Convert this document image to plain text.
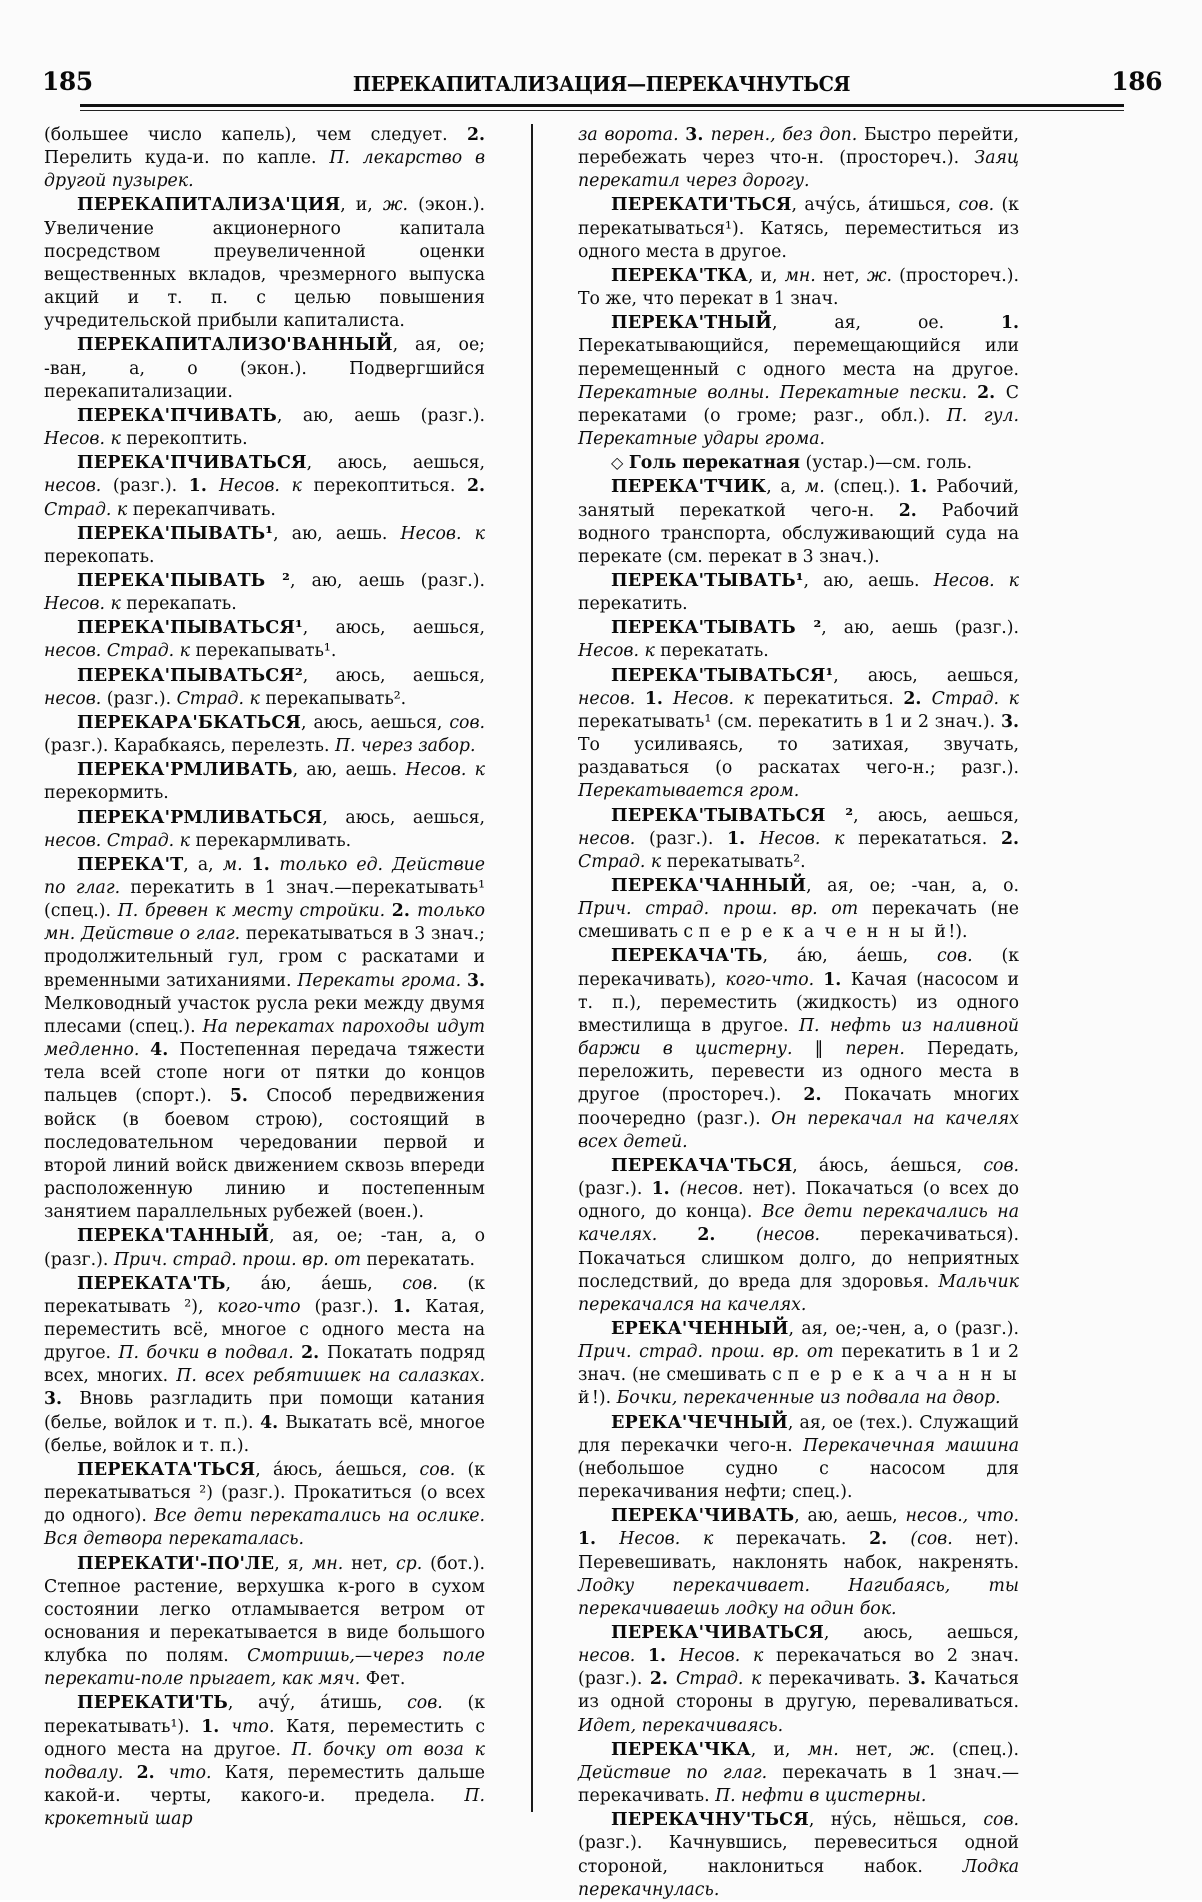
185	ПЕРЕКАПИТАЛИЗАЦИЯ—ПЕРЕКАЧНУТЬСЯ	186

(большее число капель), чем следует. 2. Перелить куда-и. по капле. П. лекарство в другой пузырек.

ПЕРЕКАПИТАЛИЗА'ЦИЯ, и, ж. (экон.). Увеличение акционерного капитала посредством преувеличенной оценки вещественных вкладов, чрезмерного выпуска акций и т. п. с целью повышения учредительской прибыли капиталиста.

ПЕРЕКАПИТАЛИЗО'ВАННЫЙ, ая, ое; -ван, а, о (экон.). Подвергшийся перекапитализации.

ПЕРЕКА'ПЧИВАТЬ, аю, аешь (разг.). Несов. к перекоптить.

ПЕРЕКА'ПЧИВАТЬСЯ, аюсь, аешься, несов. (разг.). 1. Несов. к перекоптиться. 2. Страд. к перекапчивать.

ПЕРЕКА'ПЫВАТЬ¹, аю, аешь. Несов. к перекопать.

ПЕРЕКА'ПЫВАТЬ ², аю, аешь (разг.). Несов. к перекапать.

ПЕРЕКА'ПЫВАТЬСЯ¹, аюсь, аешься, несов. Страд. к перекапывать¹.

ПЕРЕКА'ПЫВАТЬСЯ², аюсь, аешься, несов. (разг.). Страд. к перекапывать².

ПЕРЕКАРА'БКАТЬСЯ, аюсь, аешься, сов. (разг.). Карабкаясь, перелезть. П. через забор.

ПЕРЕКА'РМЛИВАТЬ, аю, аешь. Несов. к перекормить.

ПЕРЕКА'РМЛИВАТЬСЯ, аюсь, аешься, несов. Страд. к перекармливать.

ПЕРЕКА'Т, а, м. 1. только ед. Действие по глаг. перекатить в 1 знач.—перекатывать¹ (спец.). П. бревен к месту стройки. 2. только мн. Действие о глаг. перекатываться в 3 знач.; продолжительный гул, гром с раскатами и временными затиханиями. Перекаты грома. 3. Мелководный участок русла реки между двумя плесами (спец.). На перекатах пароходы идут медленно. 4. Постепенная передача тяжести тела всей стопе ноги от пятки до концов пальцев (спорт.). 5. Способ передвижения войск (в боевом строю), состоящий в последовательном чередовании первой и второй линий войск движением сквозь впереди расположенную линию и постепенным занятием параллельных рубежей (воен.).

ПЕРЕКА'ТАННЫЙ, ая, ое; -тан, а, о (разг.). Прич. страд. прош. вр. от перекатать.

ПЕРЕКАТА'ТЬ, а́ю, а́ешь, сов. (к перекатывать ²), кого-что (разг.). 1. Катая, переместить всё, многое с одного места на другое. П. бочки в подвал. 2. Покатать подряд всех, многих. П. всех ребятишек на салазках. 3. Вновь разгладить при помощи катания (белье, войлок и т. п.). 4. Выкатать всё, многое (белье, войлок и т. п.).

ПЕРЕКАТА'ТЬСЯ, а́юсь, а́ешься, сов. (к перекатываться ²) (разг.). Прокатиться (о всех до одного). Все дети перекатались на ослике. Вся детвора перекаталась.

ПЕРЕКАТИ'-ПО'ЛЕ, я, мн. нет, ср. (бот.). Степное растение, верхушка к-рого в сухом состоянии легко отламывается ветром от основания и перекатывается в виде большого клубка по полям. Смотришь,—через поле перекати-поле прыгает, как мяч. Фет.

ПЕРЕКАТИ'ТЬ, ачу́, а́тишь, сов. (к перекатывать¹). 1. что. Катя, переместить с одного места на другое. П. бочку от воза к подвалу. 2. что. Катя, переместить дальше какой-и. черты, какого-и. предела. П. крокетный шар

за ворота. 3. перен., без доп. Быстро перейти, перебежать через что-н. (простореч.). Заяц перекатил через дорогу.

ПЕРЕКАТИ'ТЬСЯ, ачу́сь, а́тишься, сов. (к перекатываться¹). Катясь, переместиться из одного места в другое.

ПЕРЕКА'ТКА, и, мн. нет, ж. (простореч.). То же, что перекат в 1 знач.

ПЕРЕКА'ТНЫЙ, ая, ое. 1. Перекатывающийся, перемещающийся или перемещенный с одного места на другое. Перекатные волны. Перекатные пески. 2. С перекатами (о громе; разг., обл.). П. гул. Перекатные удары грома.

◇ Голь перекатная (устар.)—см. голь.

ПЕРЕКА'ТЧИК, а, м. (спец.). 1. Рабочий, занятый перекаткой чего-н. 2. Рабочий водного транспорта, обслуживающий суда на перекате (см. перекат в 3 знач.).

ПЕРЕКА'ТЫВАТЬ¹, аю, аешь. Несов. к перекатить.

ПЕРЕКА'ТЫВАТЬ ², аю, аешь (разг.). Несов. к перекатать.

ПЕРЕКА'ТЫВАТЬСЯ¹, аюсь, аешься, несов. 1. Несов. к перекатиться. 2. Страд. к перекатывать¹ (см. перекатить в 1 и 2 знач.). 3. То усиливаясь, то затихая, звучать, раздаваться (о раскатах чего-н.; разг.). Перекатывается гром.

ПЕРЕКА'ТЫВАТЬСЯ ², аюсь, аешься, несов. (разг.). 1. Несов. к перекататься. 2. Страд. к перекатывать².

ПЕРЕКА'ЧАННЫЙ, ая, ое; -чан, а, о. Прич. страд. прош. вр. от перекачать (не смешивать с п е р е к а ч е н н ы й!).

ПЕРЕКАЧА'ТЬ, а́ю, а́ешь, сов. (к перекачивать), кого-что. 1. Качая (насосом и т. п.), переместить (жидкость) из одного вместилища в другое. П. нефть из наливной баржи в цистерну. ‖ перен. Передать, переложить, перевести из одного места в другое (простореч.). 2. Покачать многих поочередно (разг.). Он перекачал на качелях всех детей.

ПЕРЕКАЧА'ТЬСЯ, а́юсь, а́ешься, сов. (разг.). 1. (несов. нет). Покачаться (о всех до одного, до конца). Все дети перекачались на качелях. 2. (несов. перекачиваться). Покачаться слишком долго, до неприятных последствий, до вреда для здоровья. Мальчик перекачался на качелях.

ЕРЕКА'ЧЕННЫЙ, ая, ое;-чен, а, о (разг.). Прич. страд. прош. вр. от перекатить в 1 и 2 знач. (не смешивать с п е р е к а ч а н н ы й!). Бочки, перекаченные из подвала на двор.

ЕРЕКА'ЧЕЧНЫЙ, ая, ое (тех.). Служащий для перекачки чего-н. Перекачечная машина (небольшое судно с насосом для перекачивания нефти; спец.).

ПЕРЕКА'ЧИВАТЬ, аю, аешь, несов., что. 1. Несов. к перекачать. 2. (сов. нет). Перевешивать, наклонять набок, накренять. Лодку перекачивает. Нагибаясь, ты перекачиваешь лодку на один бок.

ПЕРЕКА'ЧИВАТЬСЯ, аюсь, аешься, несов. 1. Несов. к перекачаться во 2 знач. (разг.). 2. Страд. к перекачивать. 3. Качаться из одной стороны в другую, переваливаться. Идет, перекачиваясь.

ПЕРЕКА'ЧКА, и, мн. нет, ж. (спец.). Действие по глаг. перекачать в 1 знач.—перекачивать. П. нефти в цистерны.

ПЕРЕКАЧНУ'ТЬСЯ, ну́сь, нёшься, сов. (разг.). Качнувшись, перевеситься одной стороной, наклониться набок. Лодка перекачнулась.
